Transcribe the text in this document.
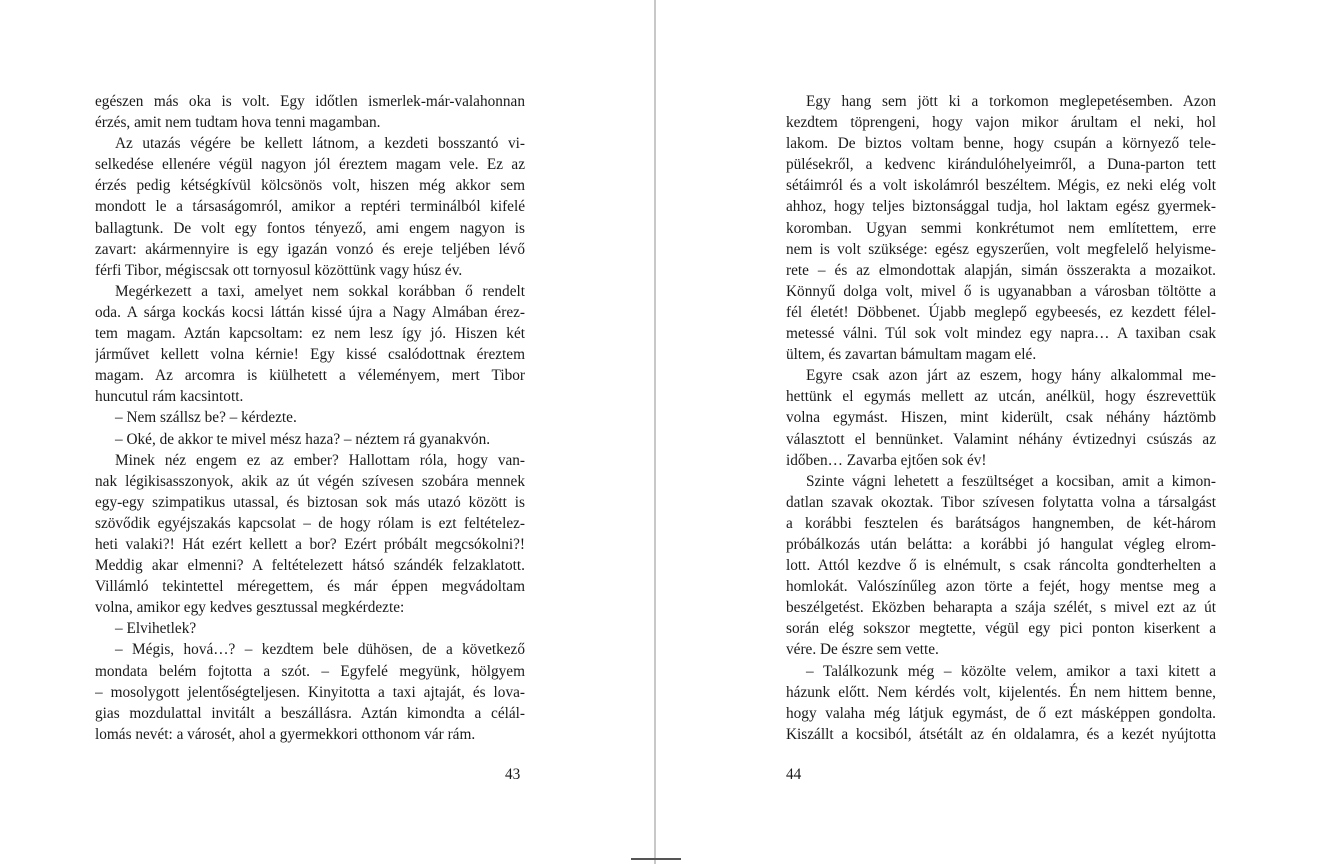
egészen más oka is volt. Egy időtlen ismerlek-már-valahonnan
érzés, amit nem tudtam hova tenni magamban.
Az utazás végére be kellett látnom, a kezdeti bosszantó vi-
selkedése ellenére végül nagyon jól éreztem magam vele. Ez az
érzés pedig kétségkívül kölcsönös volt, hiszen még akkor sem
mondott le a társaságomról, amikor a reptéri terminálból kifelé
ballagtunk. De volt egy fontos tényező, ami engem nagyon is
zavart: akármennyire is egy igazán vonzó és ereje teljében lévő
férfi Tibor, mégiscsak ott tornyosul közöttünk vagy húsz év.
Megérkezett a taxi, amelyet nem sokkal korábban ő rendelt
oda. A sárga kockás kocsi láttán kissé újra a Nagy Almában érez-
tem magam. Aztán kapcsoltam: ez nem lesz így jó. Hiszen két
járművet kellett volna kérnie! Egy kissé csalódottnak éreztem
magam. Az arcomra is kiülhetett a véleményem, mert Tibor
huncutul rám kacsintott.
– Nem szállsz be? – kérdezte.
– Oké, de akkor te mivel mész haza? – néztem rá gyanakvón.
Minek néz engem ez az ember? Hallottam róla, hogy van-
nak légikisasszonyok, akik az út végén szívesen szobára mennek
egy-egy szimpatikus utassal, és biztosan sok más utazó között is
szövődik egyéjszakás kapcsolat – de hogy rólam is ezt feltételez-
heti valaki?! Hát ezért kellett a bor? Ezért próbált megcsókolni?!
Meddig akar elmenni? A feltételezett hátsó szándék felzaklatott.
Villámló tekintettel méregettem, és már éppen megvádoltam
volna, amikor egy kedves gesztussal megkérdezte:
– Elvihetlek?
– Mégis, hová…? – kezdtem bele dühösen, de a következő
mondata belém fojtotta a szót. – Egyfelé megyünk, hölgyem
– mosolygott jelentőségteljesen. Kinyitotta a taxi ajtaját, és lova-
gias mozdulattal invitált a beszállásra. Aztán kimondta a célál-
lomás nevét: a városét, ahol a gyermekkori otthonom vár rám.
43
Egy hang sem jött ki a torkomon meglepetésemben. Azon
kezdtem töprengeni, hogy vajon mikor árultam el neki, hol
lakom. De biztos voltam benne, hogy csupán a környező tele-
pülésekről, a kedvenc kirándulóhelyeimről, a Duna-parton tett
sétáimról és a volt iskolámról beszéltem. Mégis, ez neki elég volt
ahhoz, hogy teljes biztonsággal tudja, hol laktam egész gyermek-
koromban. Ugyan semmi konkrétumot nem említettem, erre
nem is volt szüksége: egész egyszerűen, volt megfelelő helyisme-
rete – és az elmondottak alapján, simán összerakta a mozaikot.
Könnyű dolga volt, mivel ő is ugyanabban a városban töltötte a
fél életét! Döbbenet. Újabb meglepő egybeesés, ez kezdett félel-
metessé válni. Túl sok volt mindez egy napra… A taxiban csak
ültem, és zavartan bámultam magam elé.
Egyre csak azon járt az eszem, hogy hány alkalommal me-
hettünk el egymás mellett az utcán, anélkül, hogy észrevettük
volna egymást. Hiszen, mint kiderült, csak néhány háztömb
választott el bennünket. Valamint néhány évtizednyi csúszás az
időben… Zavarba ejtően sok év!
Szinte vágni lehetett a feszültséget a kocsiban, amit a kimon-
datlan szavak okoztak. Tibor szívesen folytatta volna a társalgást
a korábbi fesztelen és barátságos hangnemben, de két-három
próbálkozás után belátta: a korábbi jó hangulat végleg elrom-
lott. Attól kezdve ő is elnémult, s csak ráncolta gondterhelten a
homlokát. Valószínűleg azon törte a fejét, hogy mentse meg a
beszélgetést. Eközben beharapta a szája szélét, s mivel ezt az út
során elég sokszor megtette, végül egy pici ponton kiserkent a
vére. De észre sem vette.
– Találkozunk még – közölte velem, amikor a taxi kitett a
házunk előtt. Nem kérdés volt, kijelentés. Én nem hittem benne,
hogy valaha még látjuk egymást, de ő ezt másképpen gondolta.
Kiszállt a kocsiból, átsétált az én oldalamra, és a kezét nyújtotta
44
